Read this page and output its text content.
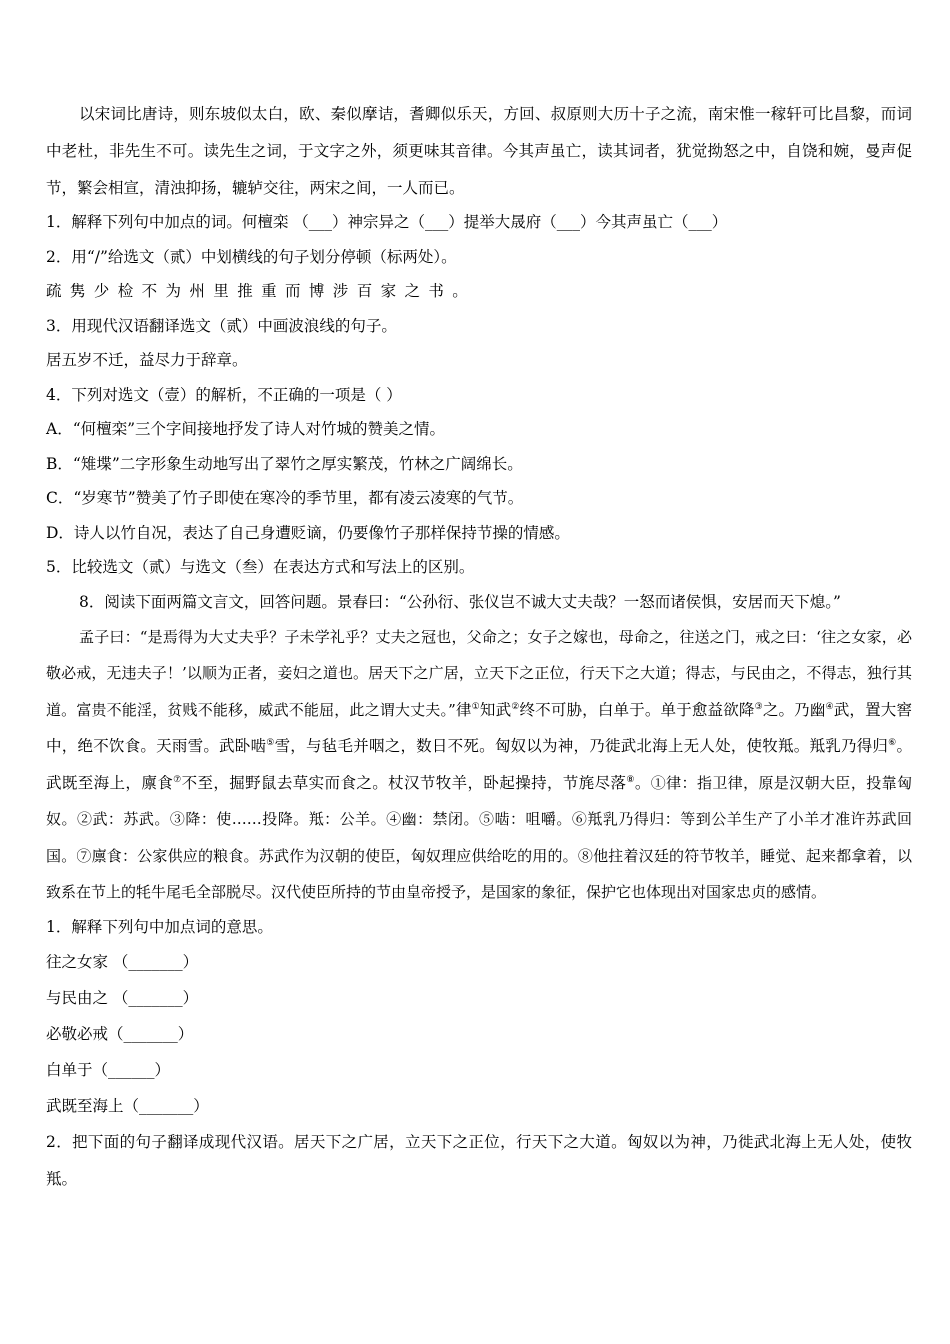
以宋词比唐诗，则东坡似太白，欧、秦似摩诘，耆卿似乐天，方回、叔原则大历十子之流，南宋惟一稼轩可比昌黎，而词中老杜，非先生不可。读先生之词，于文字之外，须更味其音律。今其声虽亡，读其词者，犹觉拗怒之中，自饶和婉，曼声促节，繁会相宣，清浊抑扬，辘轳交往，两宋之间，一人而已。

1．解释下列句中加点的词。何檀栾 （___）神宗异之（___）提举大晟府（___）今其声虽亡（___）

2．用“/”给选文（贰）中划横线的句子划分停顿（标两处）。

疏隽少检不为州里推重而博涉百家之书。

3．用现代汉语翻译选文（贰）中画波浪线的句子。

居五岁不迁，益尽力于辞章。

4．下列对选文（壹）的解析，不正确的一项是（ ）

A．“何檀栾”三个字间接地抒发了诗人对竹城的赞美之情。

B．“雉堞”二字形象生动地写出了翠竹之厚实繁茂，竹林之广阔绵长。

C．“岁寒节”赞美了竹子即使在寒冷的季节里，都有凌云凌寒的气节。

D．诗人以竹自况，表达了自己身遭贬谪，仍要像竹子那样保持节操的情感。

5．比较选文（贰）与选文（叁）在表达方式和写法上的区别。

8．阅读下面两篇文言文，回答问题。景春曰：“公孙衍、张仪岂不诚大丈夫哉？一怒而诸侯惧，安居而天下熄。”

孟子曰：“是焉得为大丈夫乎？子未学礼乎？丈夫之冠也，父命之；女子之嫁也，母命之，往送之门，戒之曰：‘往之女家，必敬必戒，无违夫子！’以顺为正者，妾妇之道也。居天下之广居，立天下之正位，行天下之大道；得志，与民由之，不得志，独行其道。富贵不能淫，贫贱不能移，威武不能屈，此之谓大丈夫。”律①知武②终不可胁，白单于。单于愈益欲降③之。乃幽④武，置大窖中，绝不饮食。天雨雪。武卧啮⑤雪，与毡毛并咽之，数日不死。匈奴以为神，乃徙武北海上无人处，使牧羝。羝乳乃得归⑥。武既至海上，廪食⑦不至，掘野鼠去草实而食之。杖汉节牧羊，卧起操持，节旄尽落⑧。①律：指卫律，原是汉朝大臣，投靠匈奴。②武：苏武。③降：使……投降。羝：公羊。④幽：禁闭。⑤啮：咀嚼。⑥羝乳乃得归：等到公羊生产了小羊才准许苏武回国。⑦廪食：公家供应的粮食。苏武作为汉朝的使臣，匈奴理应供给吃的用的。⑧他拄着汉廷的符节牧羊，睡觉、起来都拿着，以致系在节上的牦牛尾毛全部脱尽。汉代使臣所持的节由皇帝授予，是国家的象征，保护它也体现出对国家忠贞的感情。

1．解释下列句中加点词的意思。

往之女家 （_______）

与民由之 （_______）

必敬必戒（_______）

白单于（______）

武既至海上（_______）

2．把下面的句子翻译成现代汉语。居天下之广居，立天下之正位，行天下之大道。匈奴以为神，乃徙武北海上无人处，使牧羝。
